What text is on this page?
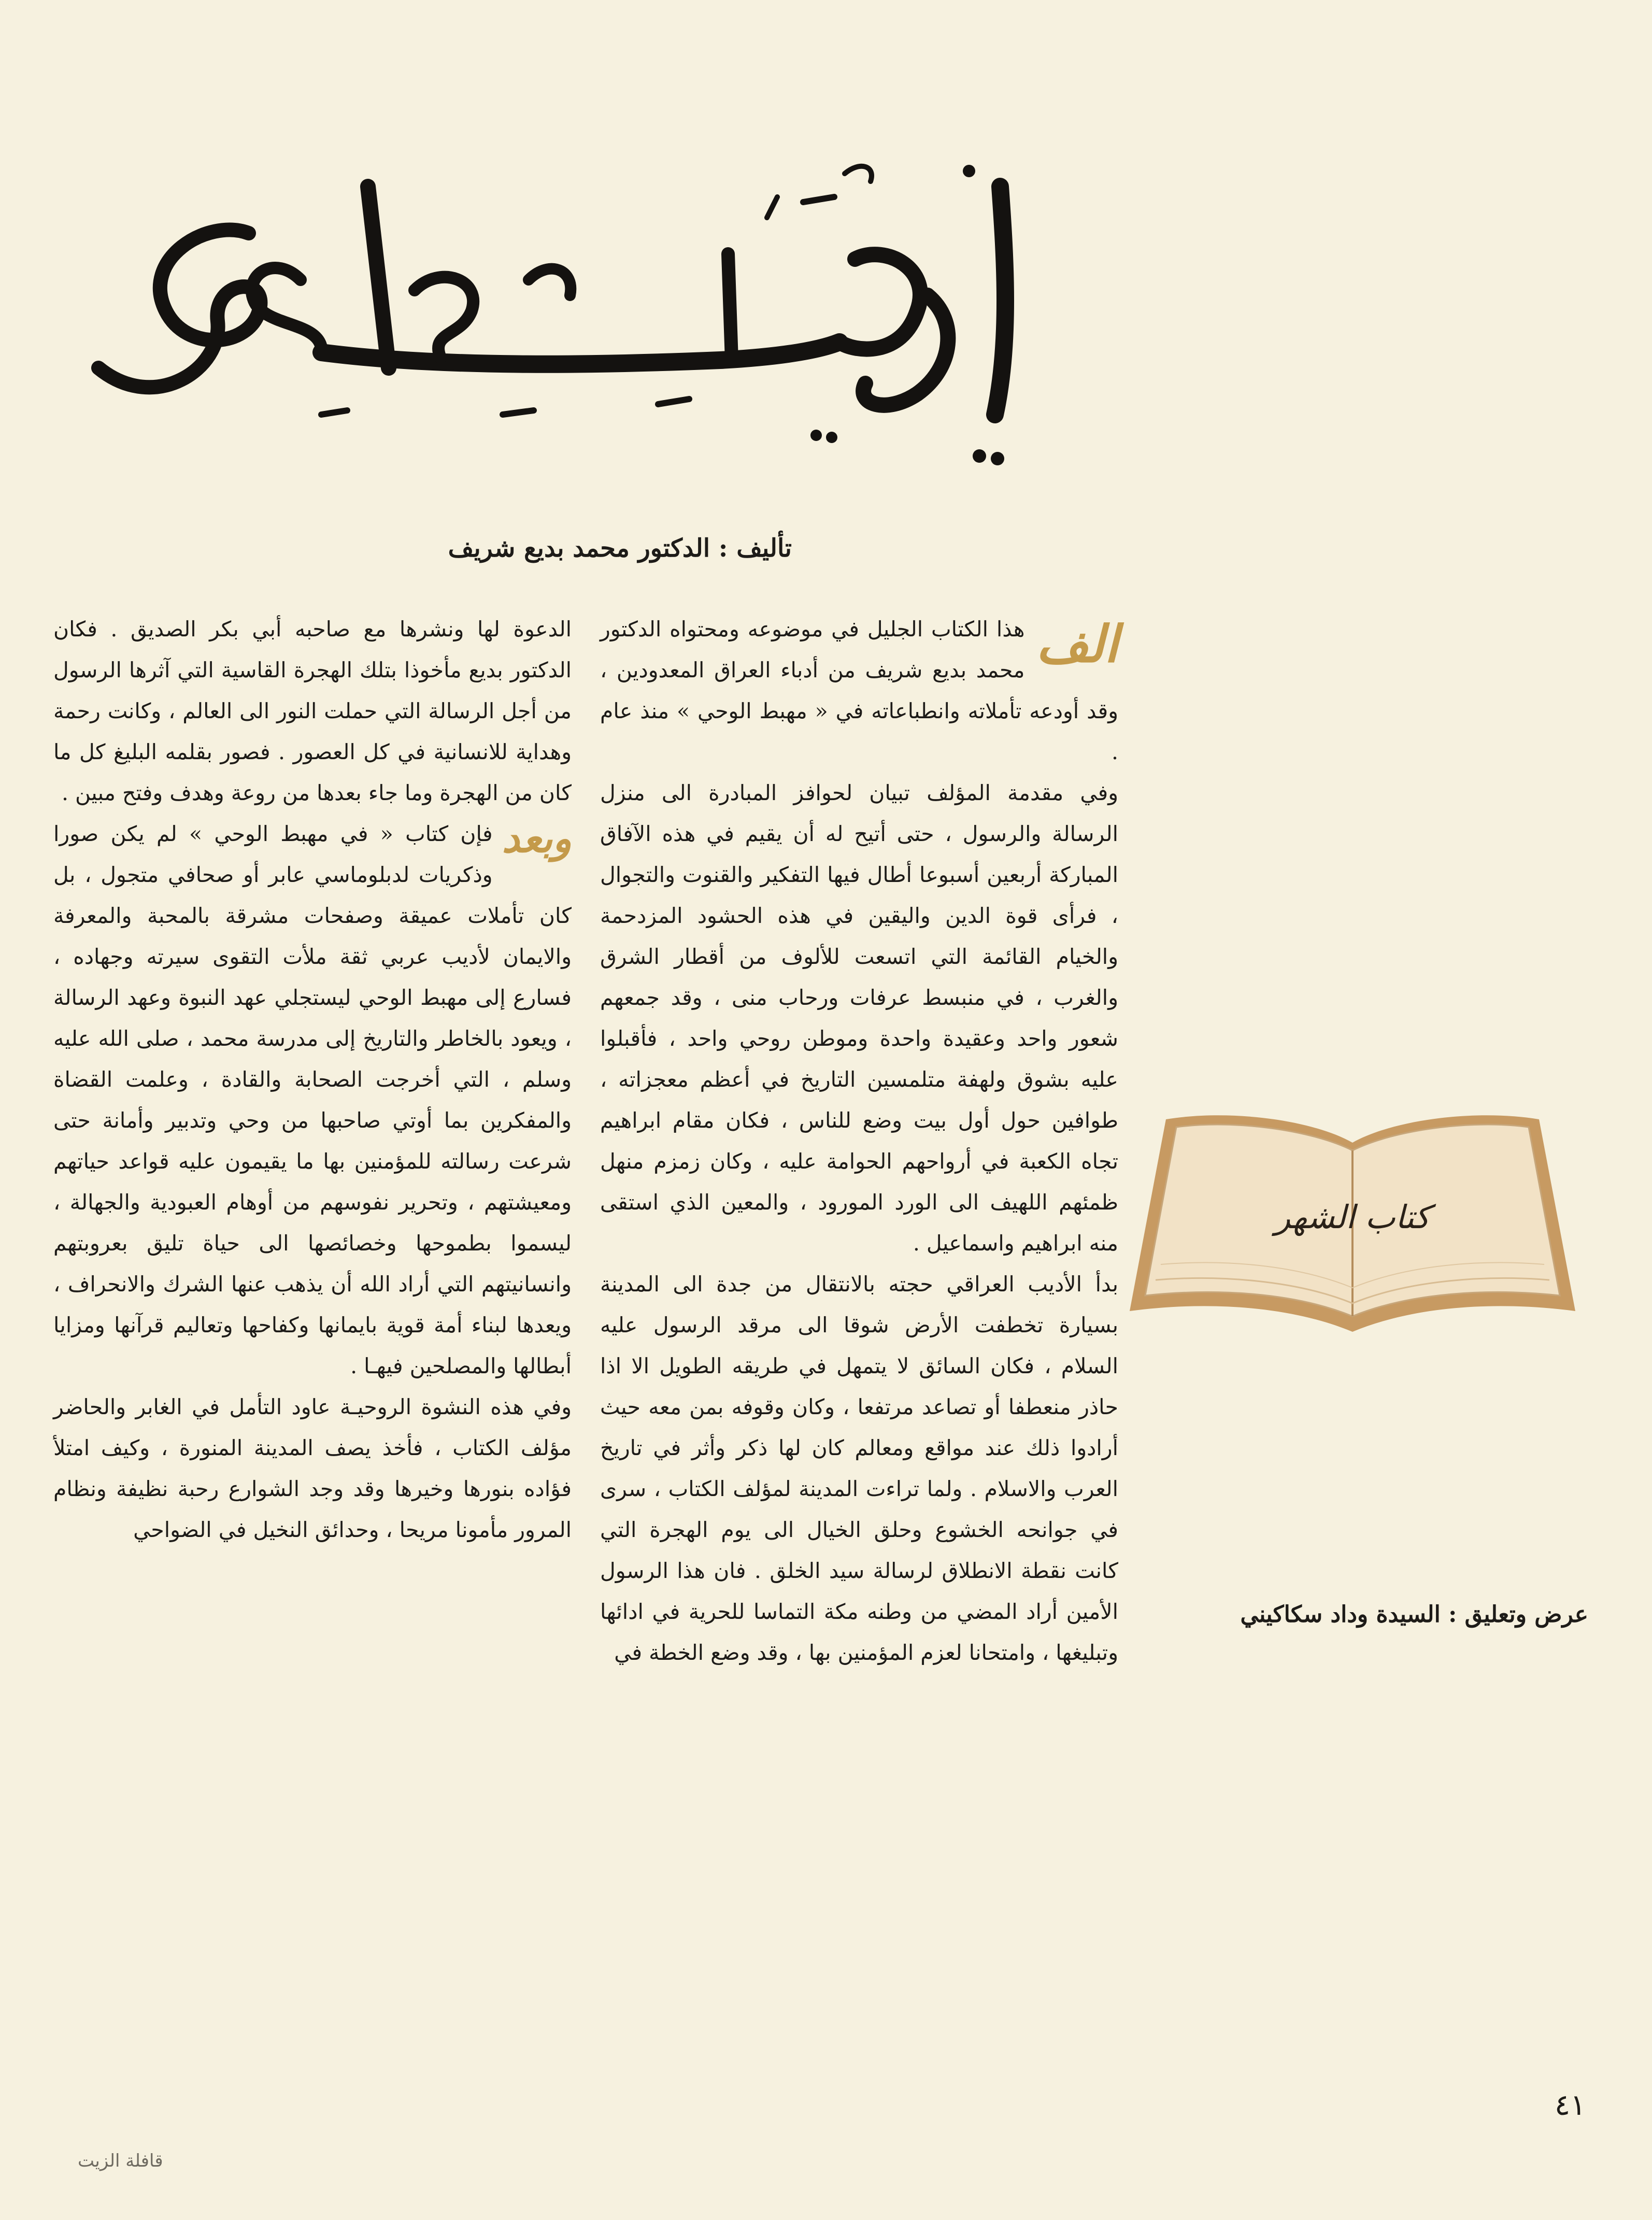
تأليف : الدكتور محمد بديع شريف
الف

هذا الكتاب الجليل في موضوعه ومحتواه الدكتور محمد بديع شريف من أدباء العراق المعدودين ، وقد أودعه تأملاته وانطباعاته في « مهبط الوحي » منذ عام .

وفي مقدمة المؤلف تبيان لحوافز المبادرة الى منزل الرسالة والرسول ، حتى أتيح له أن يقيم في هذه الآفاق المباركة أربعين أسبوعا أطال فيها التفكير والقنوت والتجوال ، فرأى قوة الدين واليقين في هذه الحشود المزدحمة والخيام القائمة التي اتسعت للألوف من أقطار الشرق والغرب ، في منبسط عرفات ورحاب منى ، وقد جمعهم شعور واحد وعقيدة واحدة وموطن روحي واحد ، فأقبلوا عليه بشوق ولهفة متلمسين التاريخ في أعظم معجزاته ، طوافين حول أول بيت وضع للناس ، فكان مقام ابراهيم تجاه الكعبة في أرواحهم الحوامة عليه ، وكان زمزم منهل ظمئهم اللهيف الى الورد المورود ، والمعين الذي استقى منه ابراهيم واسماعيل .

بدأ الأديب العراقي حجته بالانتقال من جدة الى المدينة بسيارة تخطفت الأرض شوقا الى مرقد الرسول عليه السلام ، فكان السائق لا يتمهل في طريقه الطويل الا اذا حاذر منعطفا أو تصاعد مرتفعا ، وكان وقوفه بمن معه حيث أرادوا ذلك عند مواقع ومعالم كان لها ذكر وأثر في تاريخ العرب والاسلام . ولما تراءت المدينة لمؤلف الكتاب ، سرى في جوانحه الخشوع وحلق الخيال الى يوم الهجرة التي كانت نقطة الانطلاق لرسالة سيد الخلق . فان هذا الرسول الأمين أراد المضي من وطنه مكة التماسا للحرية في ادائها وتبليغها ، وامتحانا لعزم المؤمنين بها ، وقد وضع الخطة في

الدعوة لها ونشرها مع صاحبه أبي بكر الصديق . فكان الدكتور بديع مأخوذا بتلك الهجرة القاسية التي آثرها الرسول من أجل الرسالة التي حملت النور الى العالم ، وكانت رحمة وهداية للانسانية في كل العصور . فصور بقلمه البليغ كل ما كان من الهجرة وما جاء بعدها من روعة وهدف وفتح مبين .

وبعد

فإن كتاب « في مهبط الوحي » لم يكن صورا وذكريات لدبلوماسي عابر أو صحافي متجول ، بل كان تأملات عميقة وصفحات مشرقة بالمحبة والمعرفة والايمان لأديب عربي ثقة ملأت التقوى سيرته وجهاده ، فسارع إلى مهبط الوحي ليستجلي عهد النبوة وعهد الرسالة ، ويعود بالخاطر والتاريخ إلى مدرسة محمد ، صلى الله عليه وسلم ، التي أخرجت الصحابة والقادة ، وعلمت القضاة والمفكرين بما أوتي صاحبها من وحي وتدبير وأمانة حتى شرعت رسالته للمؤمنين بها ما يقيمون عليه قواعد حياتهم ومعيشتهم ، وتحرير نفوسهم من أوهام العبودية والجهالة ، ليسموا بطموحها وخصائصها الى حياة تليق بعروبتهم وانسانيتهم التي أراد الله أن يذهب عنها الشرك والانحراف ، ويعدها لبناء أمة قوية بايمانها وكفاحها وتعاليم قرآنها ومزايا أبطالها والمصلحين فيهـا .

وفي هذه النشوة الروحيـة عاود التأمل في الغابر والحاضر مؤلف الكتاب ، فأخذ يصف المدينة المنورة ، وكيف امتلأ فؤاده بنورها وخيرها وقد وجد الشوارع رحبة نظيفة ونظام المرور مأمونا مريحا ، وحدائق النخيل في الضواحي

كتاب الشهر
عرض وتعليق : السيدة وداد سكاكيني
٤١
قافلة الزيت
